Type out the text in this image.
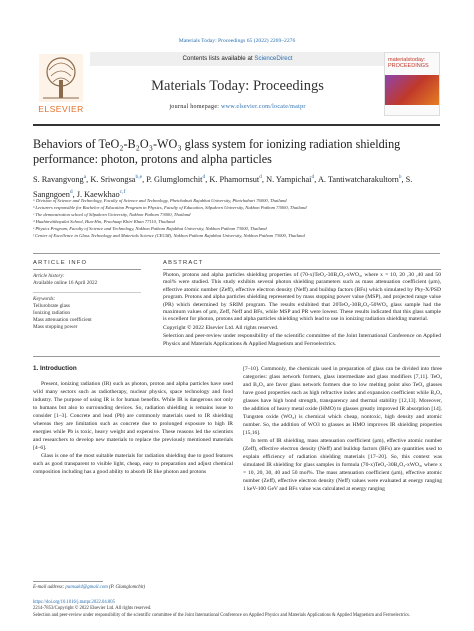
Materials Today: Proceedings 65 (2022) 2269–2276
ELSEVIER
Contents lists available at ScienceDirect
Materials Today: Proceedings
journal homepage: www.elsevier.com/locate/matpr
materialstoday: PROCEEDINGS
Behaviors of TeO₂-B₂O₃-WO₃ glass system for ionizing radiation shielding performance: photon, protons and alpha particles
S. Ravangvong$^a$, K. Sriwongsa$^{b,e}$, P. Glumglomchit$^d$, K. Phamornsut$^d$, N. Yampichai$^d$, A. Tantiwatcharakultorn$^b$, S. Sangngoen$^d$, J. Kaewkhao$^{c,f}$
ᵃ Division of Science and Technology, Faculty of Science and Technology, Phetchabuti Rajabhat University, Phetchaburi 76000, Thailand
ᵇ Lecturers responsible for Bachelor of Education Program in Physics, Faculty of Education, Silpakorn University, Nakhon Pathom 73000, Thailand
ᶜ The demonstration school of Silpakorn University, Nakhon Pathom 73000, Thailand
ᵈ Huahinvitthayalai School, Hua-Hin, Prachuap Khiri Khan 77110, Thailand
ᵉ Physics Program, Faculty of Science and Technology, Nakhon Pathom Rajabhat University, Nakhon Pathom 73000, Thailand
ᶠ Center of Excellence in Glass Technology and Materials Science (CEGM), Nakhon Pathom Rajabhat University, Nakhon Pathom 73000, Thailand
ARTICLE INFO
Article history:
Available online 16 April 2022
Keywords:
Tellurobrate glass
Ionizing radiation
Mass attenuation coefficient
Mass stopping power
ABSTRACT

Photon, protons and alpha particles shielding properties of (70-x)TeO₂-30B₂O₃-xWO₃, where x = 10, 20 ,30 ,40 and 50 mol% were studied. This study exhibits several photon shielding parameters such as mass attenuation coefficient (μm), effective atomic number (Zeff), effective electron density (Neff) and buildup factors (BFs) which simulated by Phy-X/PSD program. Protons and alpha particles shielding represented by mass stopping power value (MSP), and projected range value (PR) which determined by SRIM program. The results exhibited that 20TeO₂-30B₂O₃-50WO₃ glass sample had the maximum values of μm, Zeff, Neff and BFs, while MSP and PR were lowest. These results indicated that this glass sample is excellent for photon, protons and alpha particles shielding which lead to use in ionizing radiation shielding material.

Copyright © 2022 Elsevier Ltd. All rights reserved.

Selection and peer-review under responsibility of the scientific committee of the Joint International Conference on Applied Physics and Materials Applications & Applied Magnetism and Ferroelectrics.

1. Introduction

Present, ionizing radiation (IR) such as photon, proton and alpha particles have used wild many sectors such as radiotherapy, nuclear physics, space technology and food industry. The purpose of using IR is for human benefits. While IR is dangerous not only to humans but also to surrounding devices. So, radiation shielding is remains issue to consider [1–3]. Concrete and lead (Pb) are commonly materials used to IR shielding whereas they are limitation such as concrete due to prolonged exposure to high IR energies while Pb is toxic, heavy weight and expensive. These reasons led the scientists and researchers to develop new materials to replace the previously mentioned materials [4–6].

Glass is one of the most suitable materials for radiation shielding due to good features such as good transparent to visible light, cheap, easy to preparation and adjust chemical composition including has a good ability to absorb IR like photon and protons

[7–10]. Commonly, the chemicals used in preparation of glass can be divided into three categories: glass network formers, glass intermediate and glass modifiers [7,11]. TeO₂ and B₂O₃ are favor glass network formers due to low melting point also TeO₂ glasses have good properties such as high refractive index and expansion coefficient while B₂O₃ glasses have high bond strength, transparency and thermal stability [12,13]. Moreover, the addition of heavy metal oxide (HMO) to glasses greatly improved IR absorption [14]. Tungsten oxide (WO₃) is chemical which cheap, nontoxic, high density and atomic number. So, the addition of WO3 to glasses as HMO improves IR shielding properties [15,16].

In term of IR shielding, mass attenuation coefficient (μm), effective atomic number (Zeff), effective electron density (Neff) and buildup factors (BFs) are quantities used to explain efficiency of radiation shielding materials [17–20]. So, this context was simulated IR shielding for glass samples in formula (70-x)TeO₂-30B₂O₃-xWO₃, where x = 10, 20, 30, 40 and 50 mol%. The mass attenuation coefficient (μm), effective atomic number (Zeff), effective electron density (Neff) values were evaluated at energy ranging 1 keV-100 GeV and BFs value was calculated at energy ranging

E-mail address: pumsak4@gmail.com (P. Glumglomchit)
https://doi.org/10.1016/j.matpr.2022.04.005
2214-7853/Copyright © 2022 Elsevier Ltd. All rights reserved.
Selection and peer-review under responsibility of the scientific committee of the Joint International Conference on Applied Physics and Materials Applications & Applied Magnetism and Ferroelectrics.
